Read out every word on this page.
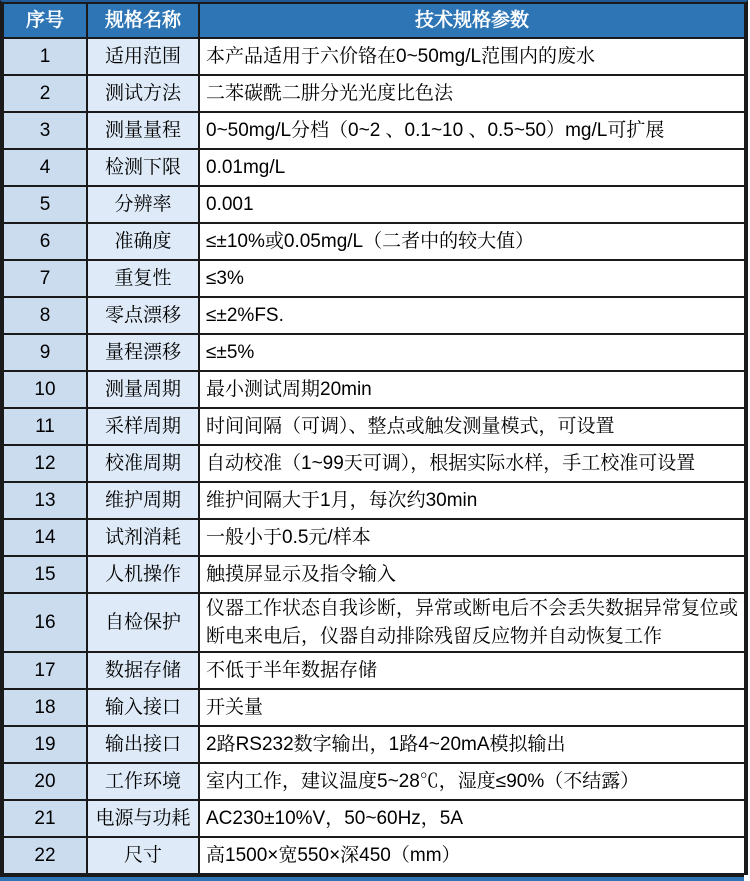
序号	规格名称	技术规格参数
1	适用范围	本产品适用于六价铬在0~50mg/L范围内的废水
2	测试方法	二苯碳酰二肼分光光度比色法
3	测量量程	0~50mg/L分档（0~2 、0.1~10 、0.5~50）mg/L可扩展
4	检测下限	0.01mg/L
5	分辨率	0.001
6	准确度	≤±10%或0.05mg/L（二者中的较大值）
7	重复性	≤3%
8	零点漂移	≤±2%FS.
9	量程漂移	≤±5%
10	测量周期	最小测试周期20min
11	采样周期	时间间隔（可调）、整点或触发测量模式，可设置
12	校准周期	自动校准（1~99天可调），根据实际水样，手工校准可设置
13	维护周期	维护间隔大于1月，每次约30min
14	试剂消耗	一般小于0.5元/样本
15	人机操作	触摸屏显示及指令输入
16	自检保护	仪器工作状态自我诊断，异常或断电后不会丢失数据异常复位或断电来电后，仪器自动排除残留反应物并自动恢复工作
17	数据存储	不低于半年数据存储
18	输入接口	开关量
19	输出接口	2路RS232数字输出，1路4~20mA模拟输出
20	工作环境	室内工作，建议温度5~28℃，湿度≤90%（不结露）
21	电源与功耗	AC230±10%V，50~60Hz，5A
22	尺寸	高1500×宽550×深450（mm）
